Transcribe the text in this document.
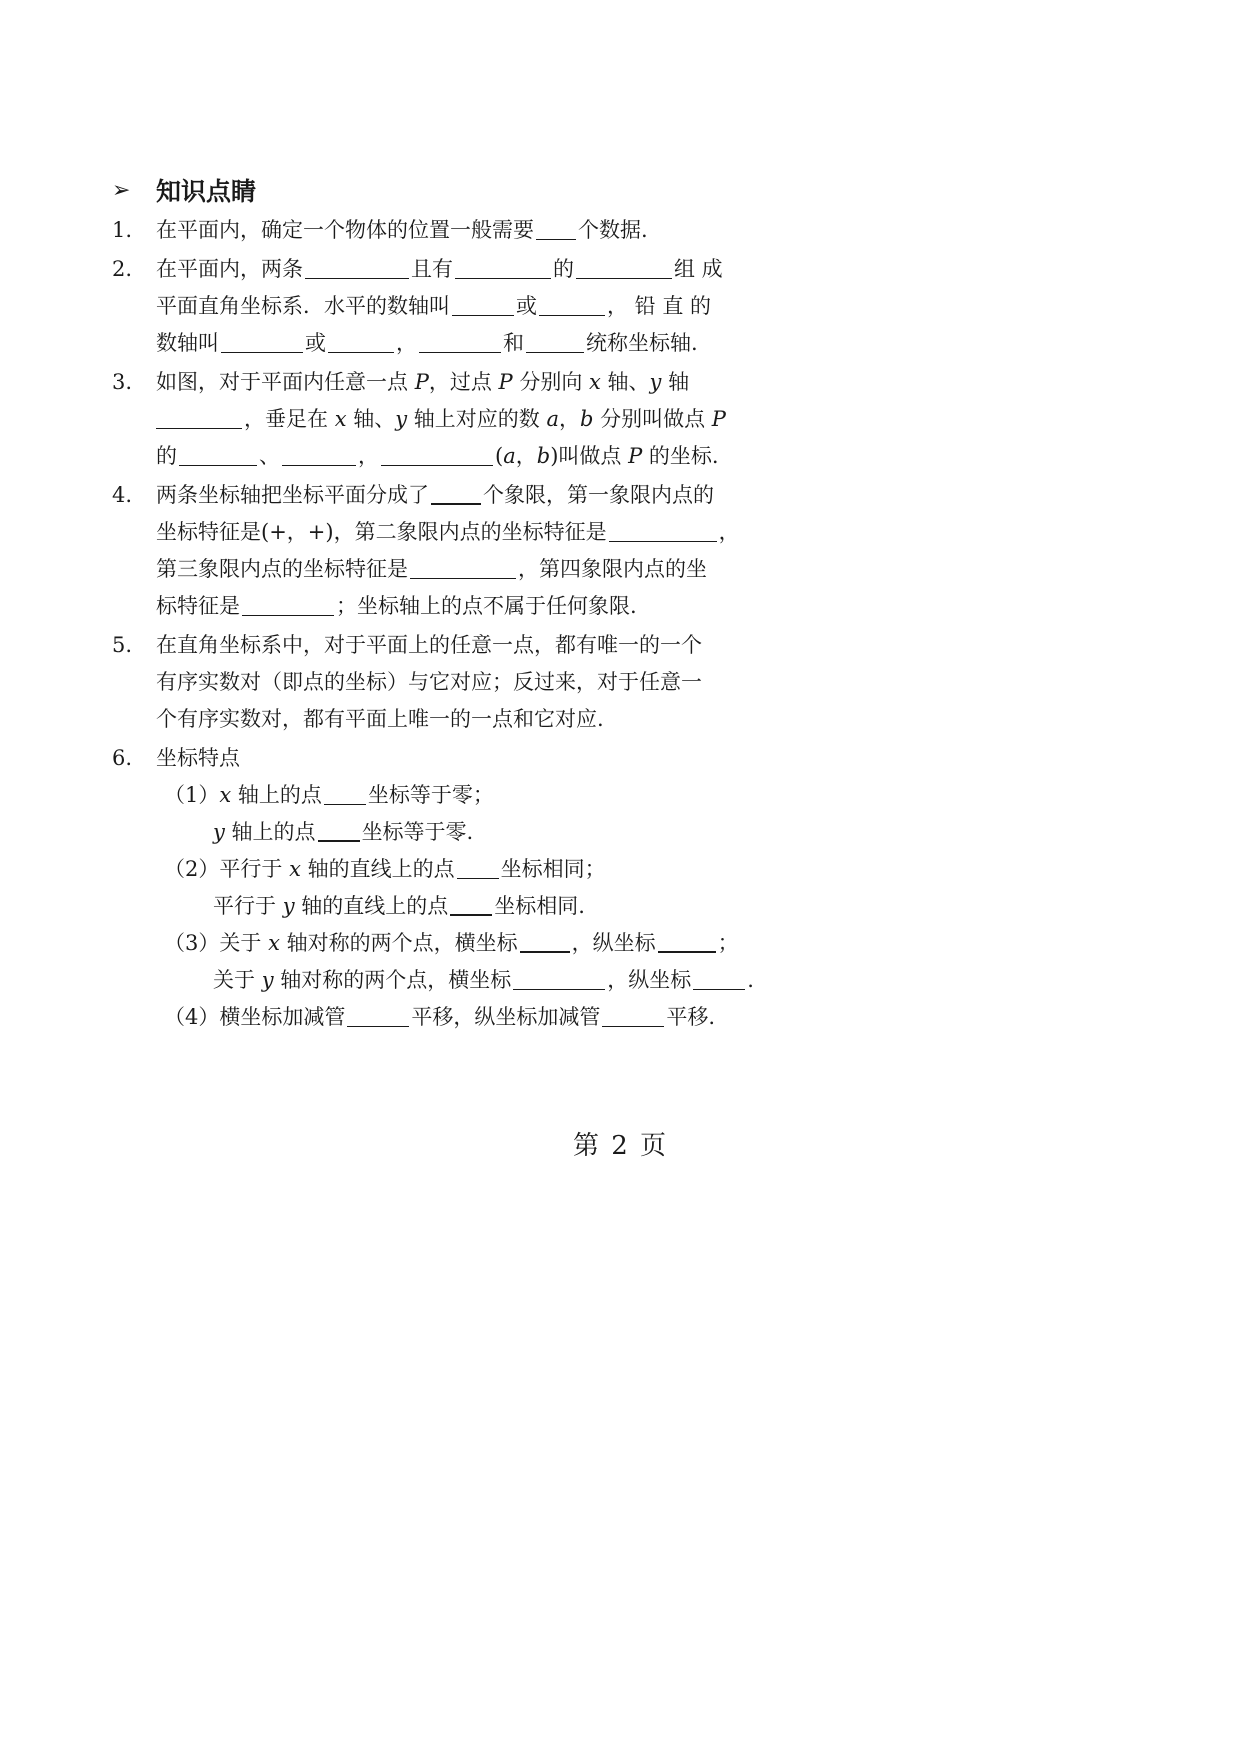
➢	知识点睛
1.	在平面内，确定一个物体的位置一般需要 个数据.
2.	在平面内，两条	且有	的	组 成
平面直角坐标系．水平的数轴叫	或	， 铅 直 的
数轴叫	或	，	和	统称坐标轴.
3.	如图，对于平面内任意一点 P，过点 P 分别向 x 轴、y 轴
，垂足在 x 轴、y 轴上对应的数 a，b 分别叫做点 P
的	、	，	(a，b)叫做点 P 的坐标.
4.	两条坐标轴把坐标平面分成了	个象限，第一象限内点的
坐标特征是(+，+)，第二象限内点的坐标特征是	，
第三象限内点的坐标特征是	，第四象限内点的坐
标特征是	；坐标轴上的点不属于任何象限.
5.	在直角坐标系中，对于平面上的任意一点，都有唯一的一个
有序实数对（即点的坐标）与它对应；反过来，对于任意一
个有序实数对，都有平面上唯一的一点和它对应.
6.	坐标特点
（1）x 轴上的点 坐标等于零；
y 轴上的点 坐标等于零.
（2）平行于 x 轴的直线上的点 坐标相同；
平行于 y 轴的直线上的点 坐标相同.
（3）关于 x 轴对称的两个点，横坐标	，纵坐标	；
关于 y 轴对称的两个点，横坐标	，纵坐标	.
（4）横坐标加减管	平移，纵坐标加减管	平移.
第 2 页
